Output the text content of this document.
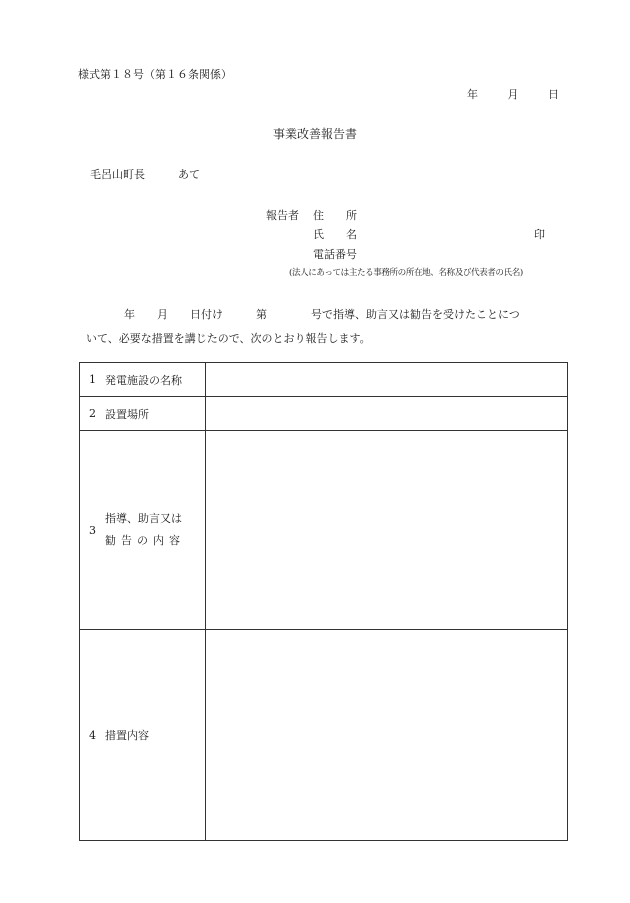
様式第１８号（第１６条関係）
年	月	日
事業改善報告書
毛呂山町長	あて
報告者 住　　所
氏　　名	印
電話番号
(法人にあっては主たる事務所の所在地、名称及び代表者の氏名)
年　　月　　日付け　　　第　　　　号で指導、助言又は勧告を受けたことにつ
いて、必要な措置を講じたので、次のとおり報告します。
1 発電施設の名称	

2 設置場所	

3
指導、助言又は
勧告の内容	

4 措置内容	
